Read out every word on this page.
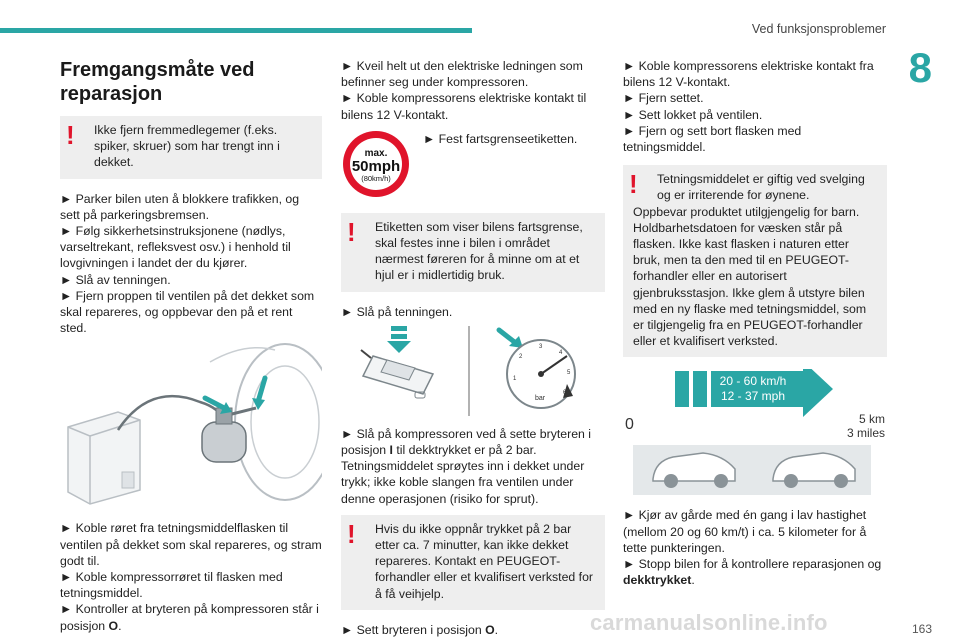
Ved funksjonsproblemer
8
Fremgangsmåte ved reparasjon
!	Ikke fjern fremmedlegemer (f.eks. spiker, skruer) som har trengt inn i dekket.

► Parker bilen uten å blokkere trafikken, og sett på parkeringsbremsen.

► Følg sikkerhetsinstruksjonene (nødlys, varseltrekant, refleksvest osv.) i henhold til lovgivningen i landet der du kjører.

► Slå av tenningen.

► Fjern proppen til ventilen på det dekket som skal repareres, og oppbevar den på et rent sted.

► Koble røret fra tetningsmiddelflasken til ventilen på dekket som skal repareres, og stram godt til.

► Koble kompressorrøret til flasken med tetningsmiddel.

► Kontroller at bryteren på kompressoren står i posisjon O.

► Kveil helt ut den elektriske ledningen som befinner seg under kompressoren.

► Koble kompressorens elektriske kontakt til bilens 12 V-kontakt.

max.
50mph
(80km/h)

► Fest fartsgrenseetiketten.

!	Etiketten som viser bilens fartsgrense, skal festes inne i bilen i området nærmest føreren for å minne om at et hjul er i midlertidig bruk.

► Slå på tenningen.

1
2
3
4
5
6
bar

► Slå på kompressoren ved å sette bryteren i posisjon I til dekktrykket er på 2 bar. Tetningsmiddelet sprøytes inn i dekket under trykk; ikke koble slangen fra ventilen under denne operasjonen (risiko for sprut).

!	Hvis du ikke oppnår trykket på 2 bar etter ca. 7 minutter, kan ikke dekket repareres. Kontakt en PEUGEOT-forhandler eller et kvalifisert verksted for å få veihjelp.

► Sett bryteren i posisjon O.

► Koble kompressorens elektriske kontakt fra bilens 12 V-kontakt.

► Fjern settet.

► Sett lokket på ventilen.

► Fjern og sett bort flasken med tetningsmiddel.

!	Tetningsmiddelet er giftig ved svelging og er irriterende for øynene.

Oppbevar produktet utilgjengelig for barn. Holdbarhetsdatoen for væsken står på flasken. Ikke kast flasken i naturen etter bruk, men ta den med til en PEUGEOT-forhandler eller en autorisert gjenbruksstasjon. Ikke glem å utstyre bilen med en ny flaske med tetningsmiddel, som er tilgjengelig fra en PEUGEOT-forhandler eller et kvalifisert verksted.

20 - 60 km/h
12 - 37 mph
0	5 km
3 miles

► Kjør av gårde med én gang i lav hastighet (mellom 20 og 60 km/t) i ca. 5 kilometer for å tette punkteringen.

► Stopp bilen for å kontrollere reparasjonen og dekktrykket.

carmanualsonline.info	163
